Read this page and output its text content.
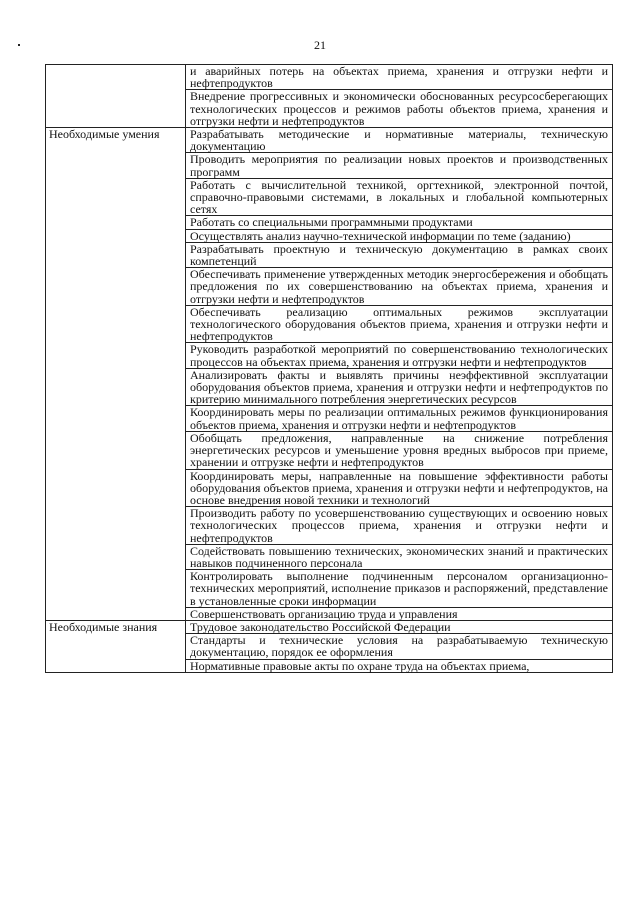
21
	и аварийных потерь на объектах приема, хранения и отгрузки нефти и нефтепродуктов
	Внедрение прогрессивных и экономически обоснованных ресурсосберегающих технологических процессов и режимов работы объектов приема, хранения и отгрузки нефти и нефтепродуктов
Необходимые умения	Разрабатывать методические и нормативные материалы, техническую документацию
	Проводить мероприятия по реализации новых проектов и производственных программ
	Работать с вычислительной техникой, оргтехникой, электронной почтой, справочно-правовыми системами, в локальных и глобальной компьютерных сетях
	Работать со специальными программными продуктами
	Осуществлять анализ научно-технической информации по теме (заданию)
	Разрабатывать проектную и техническую документацию в рамках своих компетенций
	Обеспечивать применение утвержденных методик энергосбережения и обобщать предложения по их совершенствованию на объектах приема, хранения и отгрузки нефти и нефтепродуктов
	Обеспечивать реализацию оптимальных режимов эксплуатации технологического оборудования объектов приема, хранения и отгрузки нефти и нефтепродуктов
	Руководить разработкой мероприятий по совершенствованию технологических процессов на объектах приема, хранения и отгрузки нефти и нефтепродуктов
	Анализировать факты и выявлять причины неэффективной эксплуатации оборудования объектов приема, хранения и отгрузки нефти и нефтепродуктов по критерию минимального потребления энергетических ресурсов
	Координировать меры по реализации оптимальных режимов функционирования объектов приема, хранения и отгрузки нефти и нефтепродуктов
	Обобщать предложения, направленные на снижение потребления энергетических ресурсов и уменьшение уровня вредных выбросов при приеме, хранении и отгрузке нефти и нефтепродуктов
	Координировать меры, направленные на повышение эффективности работы оборудования объектов приема, хранения и отгрузки нефти и нефтепродуктов, на основе внедрения новой техники и технологий
	Производить работу по усовершенствованию существующих и освоению новых технологических процессов приема, хранения и отгрузки нефти и нефтепродуктов
	Содействовать повышению технических, экономических знаний и практических навыков подчиненного персонала
	Контролировать выполнение подчиненным персоналом организационно-технических мероприятий, исполнение приказов и распоряжений, представление в установленные сроки информации
	Совершенствовать организацию труда и управления
Необходимые знания	Трудовое законодательство Российской Федерации
	Стандарты и технические условия на разрабатываемую техническую документацию, порядок ее оформления
	Нормативные правовые акты по охране труда на объектах приема,
